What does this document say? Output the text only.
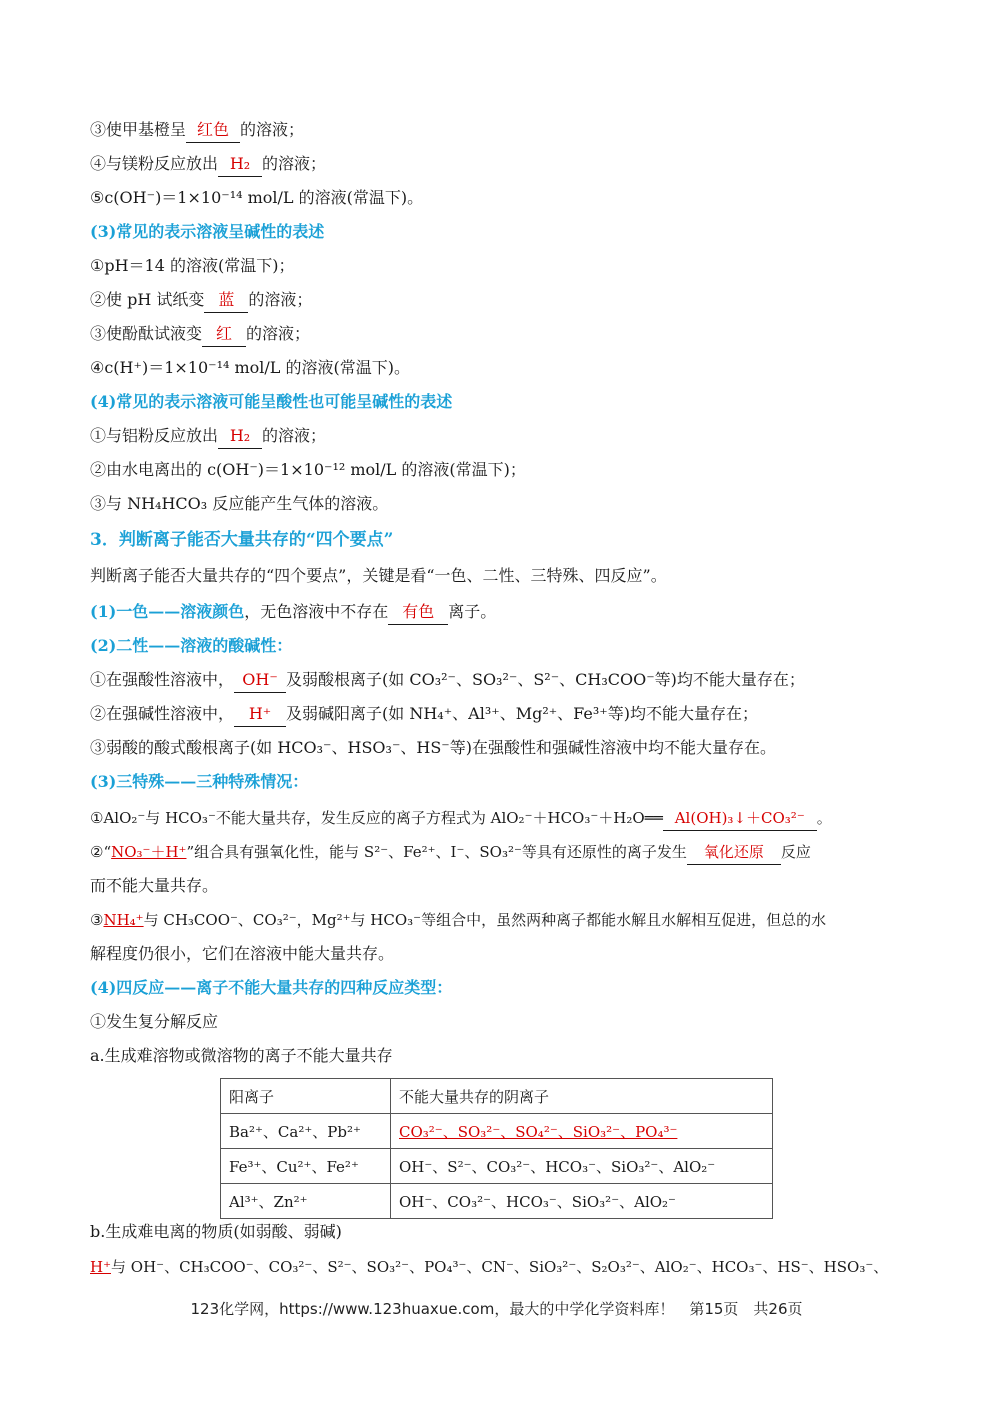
③使甲基橙呈 红色 的溶液；
④与镁粉反应放出 H₂ 的溶液；
⑤c(OH⁻)＝1×10⁻¹⁴ mol/L 的溶液(常温下)。
(3)常见的表示溶液呈碱性的表述
①pH＝14 的溶液(常温下)；
②使 pH 试纸变 蓝 的溶液；
③使酚酞试液变 红 的溶液；
④c(H⁺)＝1×10⁻¹⁴ mol/L 的溶液(常温下)。
(4)常见的表示溶液可能呈酸性也可能呈碱性的表述
①与铝粉反应放出 H₂ 的溶液；
②由水电离出的 c(OH⁻)＝1×10⁻¹² mol/L 的溶液(常温下)；
③与 NH₄HCO₃ 反应能产生气体的溶液。
3．判断离子能否大量共存的“四个要点”
判断离子能否大量共存的“四个要点”，关键是看“一色、二性、三特殊、四反应”。
(1)一色——溶液颜色，无色溶液中不存在 有色 离子。
(2)二性——溶液的酸碱性：
①在强酸性溶液中， OH⁻ 及弱酸根离子(如 CO₃²⁻、SO₃²⁻、S²⁻、CH₃COO⁻等)均不能大量存在；
②在强碱性溶液中， H⁺ 及弱碱阳离子(如 NH₄⁺、Al³⁺、Mg²⁺、Fe³⁺等)均不能大量存在；
③弱酸的酸式酸根离子(如 HCO₃⁻、HSO₃⁻、HS⁻等)在强酸性和强碱性溶液中均不能大量存在。
(3)三特殊——三种特殊情况：
①AlO₂⁻与 HCO₃⁻不能大量共存，发生反应的离子方程式为 AlO₂⁻＋HCO₃⁻＋H₂O══ Al(OH)₃↓＋CO₃²⁻ 。
②“NO₃⁻＋H⁺”组合具有强氧化性，能与 S²⁻、Fe²⁺、I⁻、SO₃²⁻等具有还原性的离子发生 氧化还原 反应
而不能大量共存。
③NH₄⁺与 CH₃COO⁻、CO₃²⁻，Mg²⁺与 HCO₃⁻等组合中，虽然两种离子都能水解且水解相互促进，但总的水
解程度仍很小，它们在溶液中能大量共存。
(4)四反应——离子不能大量共存的四种反应类型：
①发生复分解反应
a.生成难溶物或微溶物的离子不能大量共存
阳离子	不能大量共存的阴离子
Ba²⁺、Ca²⁺、Pb²⁺	CO₃²⁻、SO₃²⁻、SO₄²⁻、SiO₃²⁻、PO₄³⁻
Fe³⁺、Cu²⁺、Fe²⁺	OH⁻、S²⁻、CO₃²⁻、HCO₃⁻、SiO₃²⁻、AlO₂⁻
Al³⁺、Zn²⁺	OH⁻、CO₃²⁻、HCO₃⁻、SiO₃²⁻、AlO₂⁻
b.生成难电离的物质(如弱酸、弱碱)
H⁺与 OH⁻、CH₃COO⁻、CO₃²⁻、S²⁻、SO₃²⁻、PO₄³⁻、CN⁻、SiO₃²⁻、S₂O₃²⁻、AlO₂⁻、HCO₃⁻、HS⁻、HSO₃⁻、
123化学网，https://www.123huaxue.com，最大的中学化学资料库！　第15页　共26页
